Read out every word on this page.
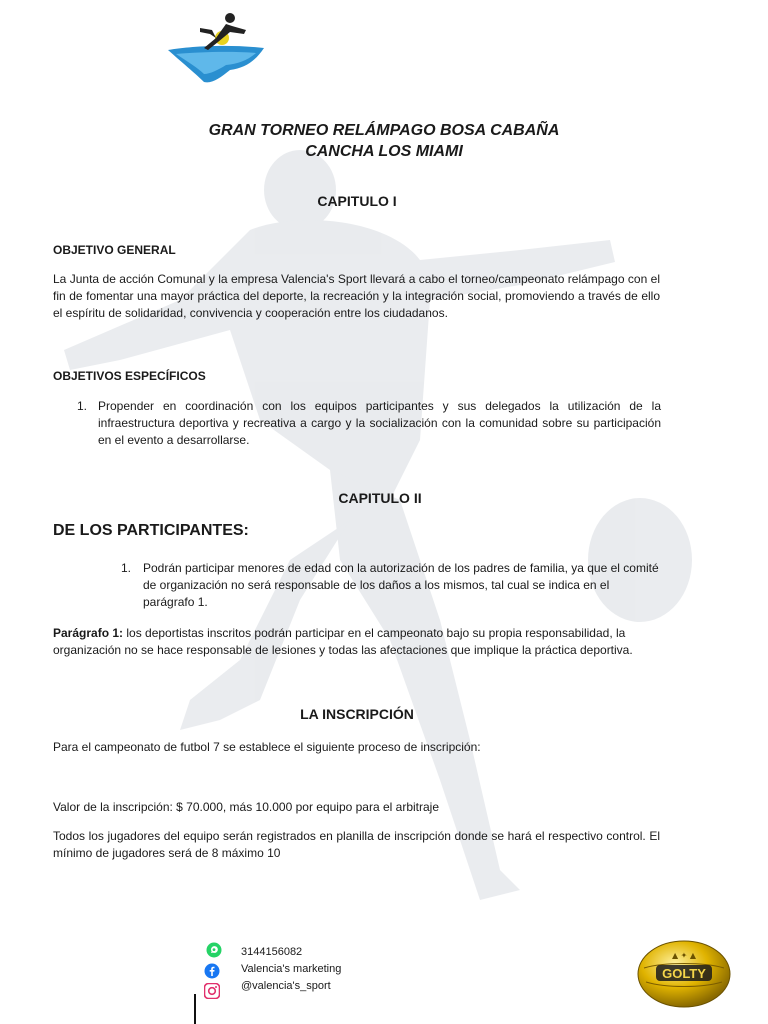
GRAN TORNEO RELÁMPAGO BOSA CABAÑA
CANCHA LOS MIAMI
CAPITULO I
OBJETIVO GENERAL
La Junta de acción Comunal y la empresa Valencia's Sport llevará a cabo el torneo/campeonato relámpago con el fin de fomentar una mayor práctica del deporte, la recreación y la integración social, promoviendo a través de ello el espíritu de solidaridad, convivencia y cooperación entre los ciudadanos.
OBJETIVOS ESPECÍFICOS
1. Propender en coordinación con los equipos participantes y sus delegados la utilización de la infraestructura deportiva y recreativa a cargo y la socialización con la comunidad sobre su participación en el evento a desarrollarse.
CAPITULO II
DE LOS PARTICIPANTES:
1. Podrán participar menores de edad con la autorización de los padres de familia, ya que el comité de organización no será responsable de los daños a los mismos, tal cual se indica en el parágrafo 1.
Parágrafo 1: los deportistas inscritos podrán participar en el campeonato bajo su propia responsabilidad, la organización no se hace responsable de lesiones y todas las afectaciones que implique la práctica deportiva.
LA INSCRIPCIÓN
Para el campeonato de futbol 7 se establece el siguiente proceso de inscripción:
Valor de la inscripción: $ 70.000, más 10.000 por equipo para el arbitraje
Todos los jugadores del equipo serán registrados en planilla de inscripción donde se hará el respectivo control. El mínimo de jugadores será de 8 máximo 10
3144156082
Valencia's marketing
@valencia's_sport
GOLTY
▲ ✦ ▲
